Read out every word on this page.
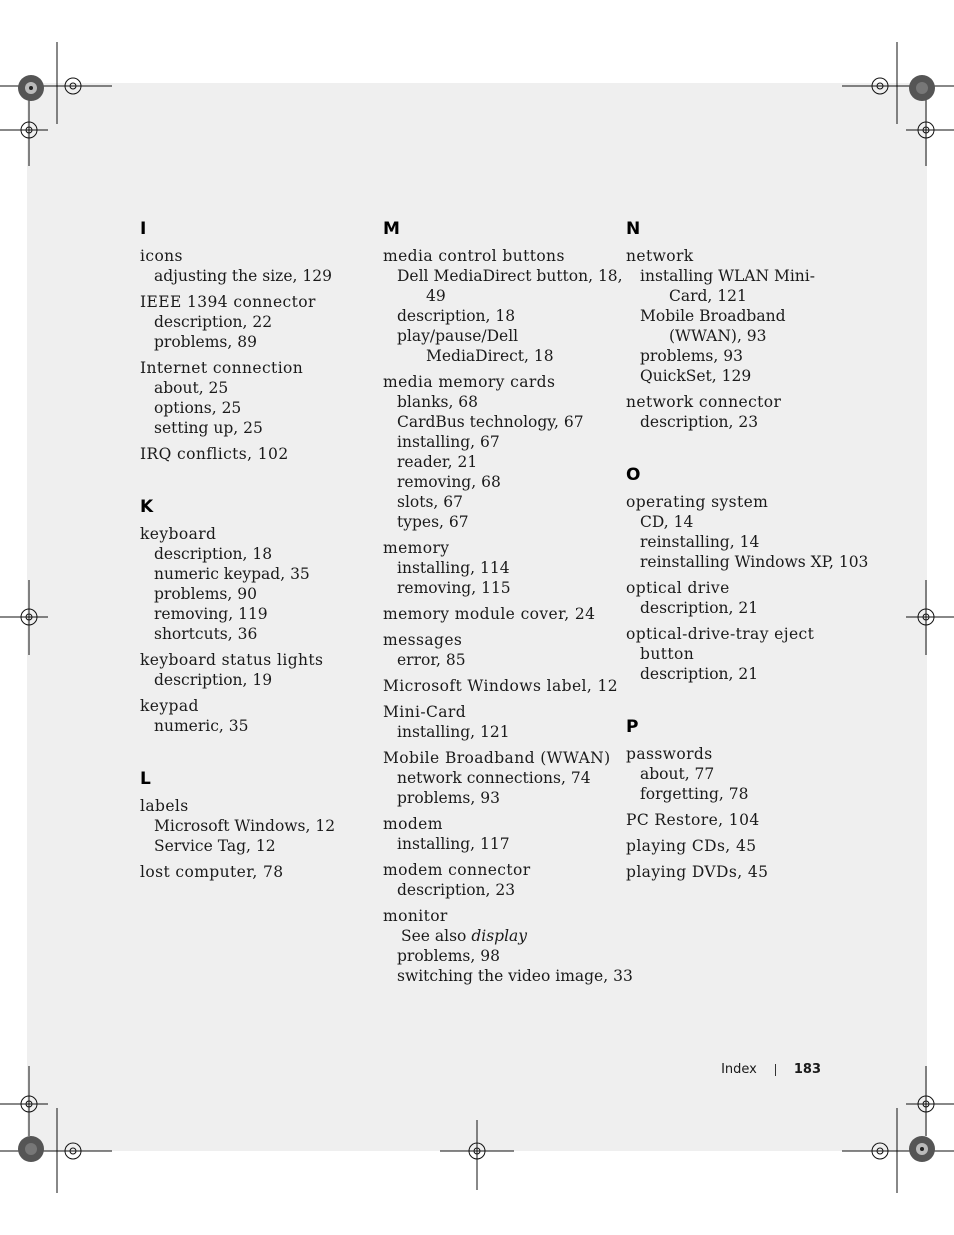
I
icons
adjusting the size, 129
IEEE 1394 connector
description, 22
problems, 89
Internet connection
about, 25
options, 25
setting up, 25
IRQ conflicts, 102
K
keyboard
description, 18
numeric keypad, 35
problems, 90
removing, 119
shortcuts, 36
keyboard status lights
description, 19
keypad
numeric, 35
L
labels
Microsoft Windows, 12
Service Tag, 12
lost computer, 78
M
media control buttons
Dell MediaDirect button, 18,
49
description, 18
play/pause/Dell
MediaDirect, 18
media memory cards
blanks, 68
CardBus technology, 67
installing, 67
reader, 21
removing, 68
slots, 67
types, 67
memory
installing, 114
removing, 115
memory module cover, 24
messages
error, 85
Microsoft Windows label, 12
Mini-Card
installing, 121
Mobile Broadband (WWAN)
network connections, 74
problems, 93
modem
installing, 117
modem connector
description, 23
monitor
See also display
problems, 98
switching the video image, 33
N
network
installing WLAN Mini-
Card, 121
Mobile Broadband
(WWAN), 93
problems, 93
QuickSet, 129
network connector
description, 23
O
operating system
CD, 14
reinstalling, 14
reinstalling Windows XP, 103
optical drive
description, 21
optical-drive-tray eject
button
description, 21
P
passwords
about, 77
forgetting, 78
PC Restore, 104
playing CDs, 45
playing DVDs, 45
Index	183
